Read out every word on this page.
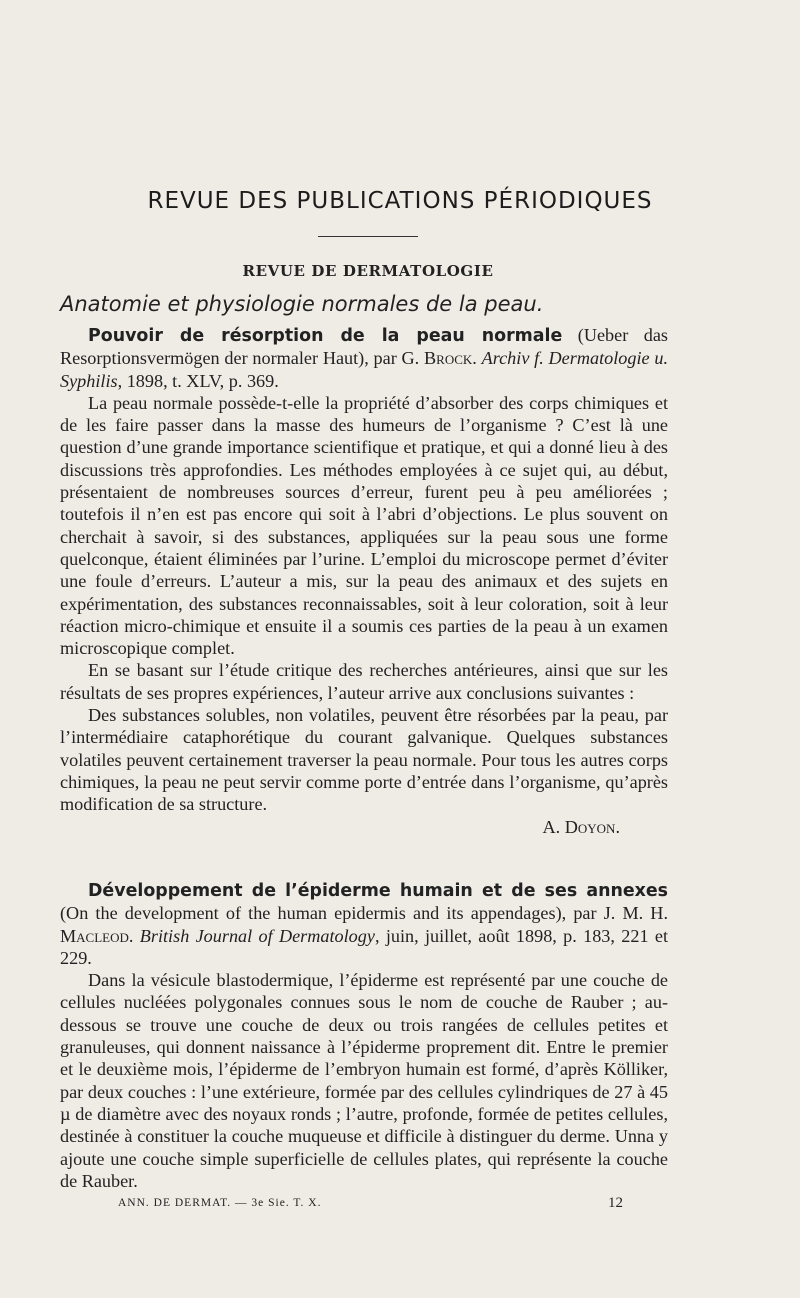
REVUE DES PUBLICATIONS PÉRIODIQUES
REVUE DE DERMATOLOGIE
Anatomie et physiologie normales de la peau.

Pouvoir de résorption de la peau normale (Ueber das Resorptionsvermögen der normaler Haut), par G. Brock. Archiv f. Dermatologie u. Syphilis, 1898, t. XLV, p. 369.

La peau normale possède-t-elle la propriété d’absorber des corps chimiques et de les faire passer dans la masse des humeurs de l’organisme ? C’est là une question d’une grande importance scientifique et pratique, et qui a donné lieu à des discussions très approfondies. Les méthodes employées à ce sujet qui, au début, présentaient de nombreuses sources d’erreur, furent peu à peu améliorées ; toutefois il n’en est pas encore qui soit à l’abri d’objections. Le plus souvent on cherchait à savoir, si des substances, appliquées sur la peau sous une forme quelconque, étaient éliminées par l’urine. L’emploi du microscope permet d’éviter une foule d’erreurs. L’auteur a mis, sur la peau des animaux et des sujets en expérimentation, des substances reconnaissables, soit à leur coloration, soit à leur réaction micro-chimique et ensuite il a soumis ces parties de la peau à un examen microscopique complet.

En se basant sur l’étude critique des recherches antérieures, ainsi que sur les résultats de ses propres expériences, l’auteur arrive aux conclusions suivantes :

Des substances solubles, non volatiles, peuvent être résorbées par la peau, par l’intermédiaire cataphorétique du courant galvanique. Quelques substances volatiles peuvent certainement traverser la peau normale. Pour tous les autres corps chimiques, la peau ne peut servir comme porte d’entrée dans l’organisme, qu’après modification de sa structure.

A. Doyon.

Développement de l’épiderme humain et de ses annexes (On the development of the human epidermis and its appendages), par J. M. H. Macleod. British Journal of Dermatology, juin, juillet, août 1898, p. 183, 221 et 229.

Dans la vésicule blastodermique, l’épiderme est représenté par une couche de cellules nucléées polygonales connues sous le nom de couche de Rauber ; au-dessous se trouve une couche de deux ou trois rangées de cellules petites et granuleuses, qui donnent naissance à l’épiderme proprement dit. Entre le premier et le deuxième mois, l’épiderme de l’embryon humain est formé, d’après Kölliker, par deux couches : l’une extérieure, formée par des cellules cylindriques de 27 à 45 µ de diamètre avec des noyaux ronds ; l’autre, profonde, formée de petites cellules, destinée à constituer la couche muqueuse et difficile à distinguer du derme. Unna y ajoute une couche simple superficielle de cellules plates, qui représente la couche de Rauber.

ANN. DE DERMAT. — 3e Sie. T. X.	12
